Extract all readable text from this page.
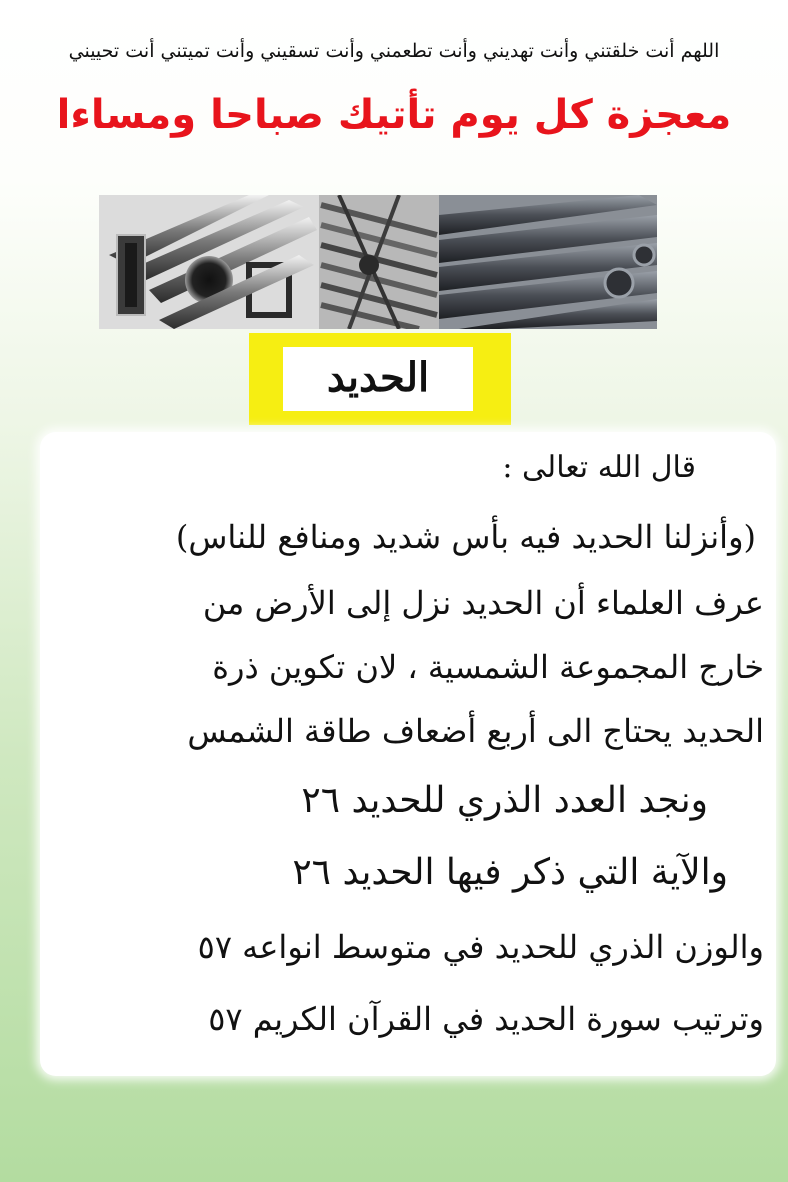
اللهم أنت خلقتني وأنت تهديني وأنت تطعمني وأنت تسقيني وأنت تميتني أنت تحييني
معجزة كل يوم تأتيك صباحا ومساءا
الحديد
قال الله تعالى :
(وأنزلنا الحديد فيه بأس شديد ومنافع للناس)
عرف العلماء أن الحديد نزل إلى الأرض من
خارج المجموعة الشمسية ، لان تكوين ذرة
الحديد يحتاج الى أربع أضعاف طاقة الشمس
ونجد العدد الذري للحديد ٢٦
والآية التي ذكر فيها الحديد ٢٦
والوزن الذري للحديد في متوسط انواعه ٥٧
وترتيب سورة الحديد في القرآن الكريم ٥٧
